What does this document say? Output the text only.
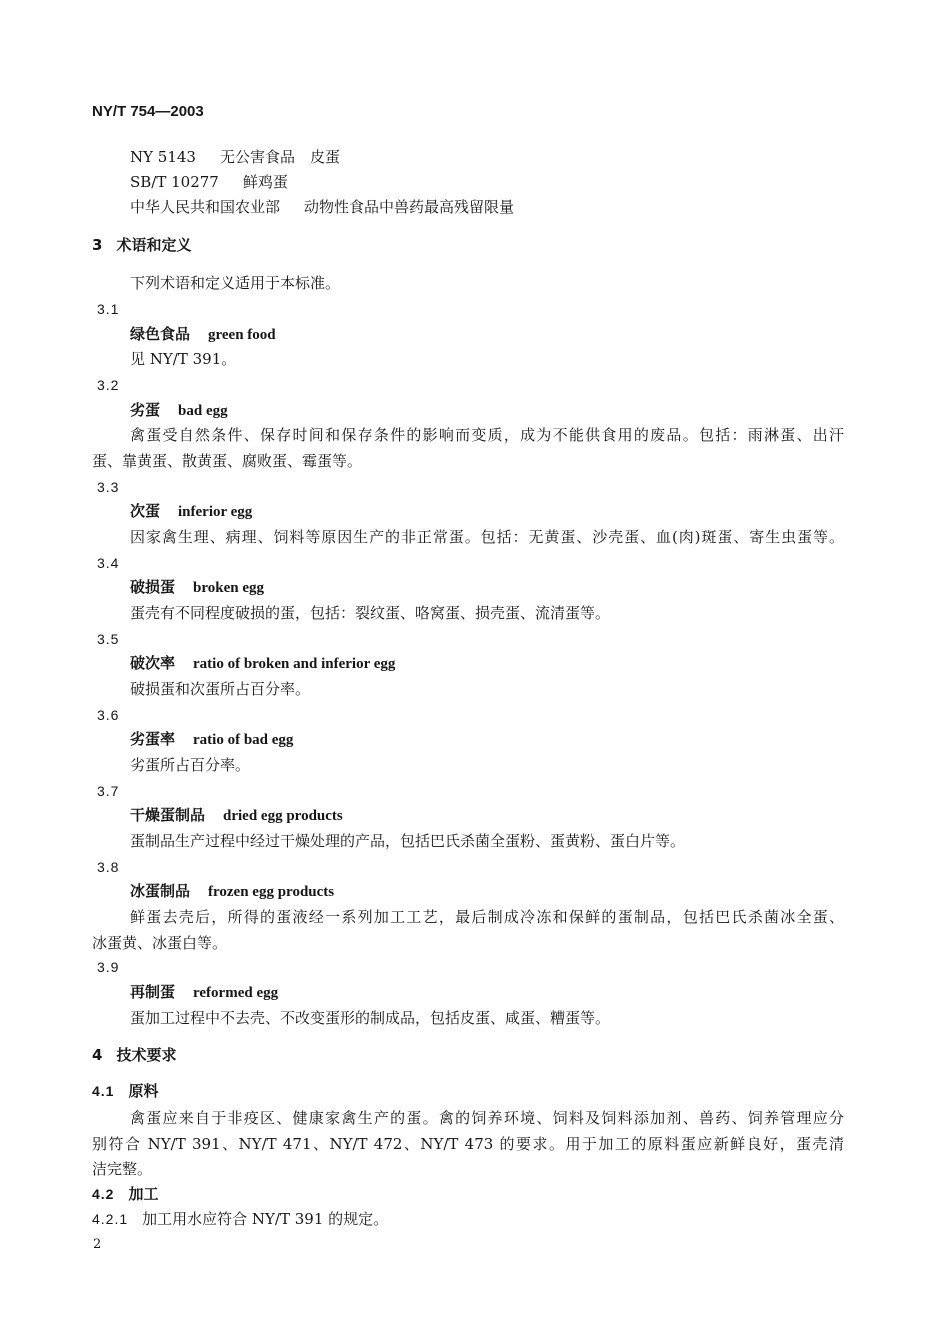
NY/T 754—2003
NY 5143 无公害食品　皮蛋
SB/T 10277 鲜鸡蛋
中华人民共和国农业部 动物性食品中兽药最高残留限量
3 术语和定义
下列术语和定义适用于本标准。
3.1
绿色食品 green food
见 NY/T 391。
3.2
劣蛋 bad egg
禽蛋受自然条件、保存时间和保存条件的影响而变质，成为不能供食用的废品。包括：雨淋蛋、出汗
蛋、靠黄蛋、散黄蛋、腐败蛋、霉蛋等。
3.3
次蛋 inferior egg
因家禽生理、病理、饲料等原因生产的非正常蛋。包括：无黄蛋、沙壳蛋、血(肉)斑蛋、寄生虫蛋等。
3.4
破损蛋 broken egg
蛋壳有不同程度破损的蛋，包括：裂纹蛋、咯窝蛋、损壳蛋、流清蛋等。
3.5
破次率 ratio of broken and inferior egg
破损蛋和次蛋所占百分率。
3.6
劣蛋率 ratio of bad egg
劣蛋所占百分率。
3.7
干燥蛋制品 dried egg products
蛋制品生产过程中经过干燥处理的产品，包括巴氏杀菌全蛋粉、蛋黄粉、蛋白片等。
3.8
冰蛋制品 frozen egg products
鲜蛋去壳后，所得的蛋液经一系列加工工艺，最后制成冷冻和保鲜的蛋制品，包括巴氏杀菌冰全蛋、
冰蛋黄、冰蛋白等。
3.9
再制蛋 reformed egg
蛋加工过程中不去壳、不改变蛋形的制成品，包括皮蛋、咸蛋、糟蛋等。
4 技术要求
4.1 原料
禽蛋应来自于非疫区、健康家禽生产的蛋。禽的饲养环境、饲料及饲料添加剂、兽药、饲养管理应分
别符合 NY/T 391、NY/T 471、NY/T 472、NY/T 473 的要求。用于加工的原料蛋应新鲜良好，蛋壳清
洁完整。
4.2 加工
4.2.1 加工用水应符合 NY/T 391 的规定。
2
